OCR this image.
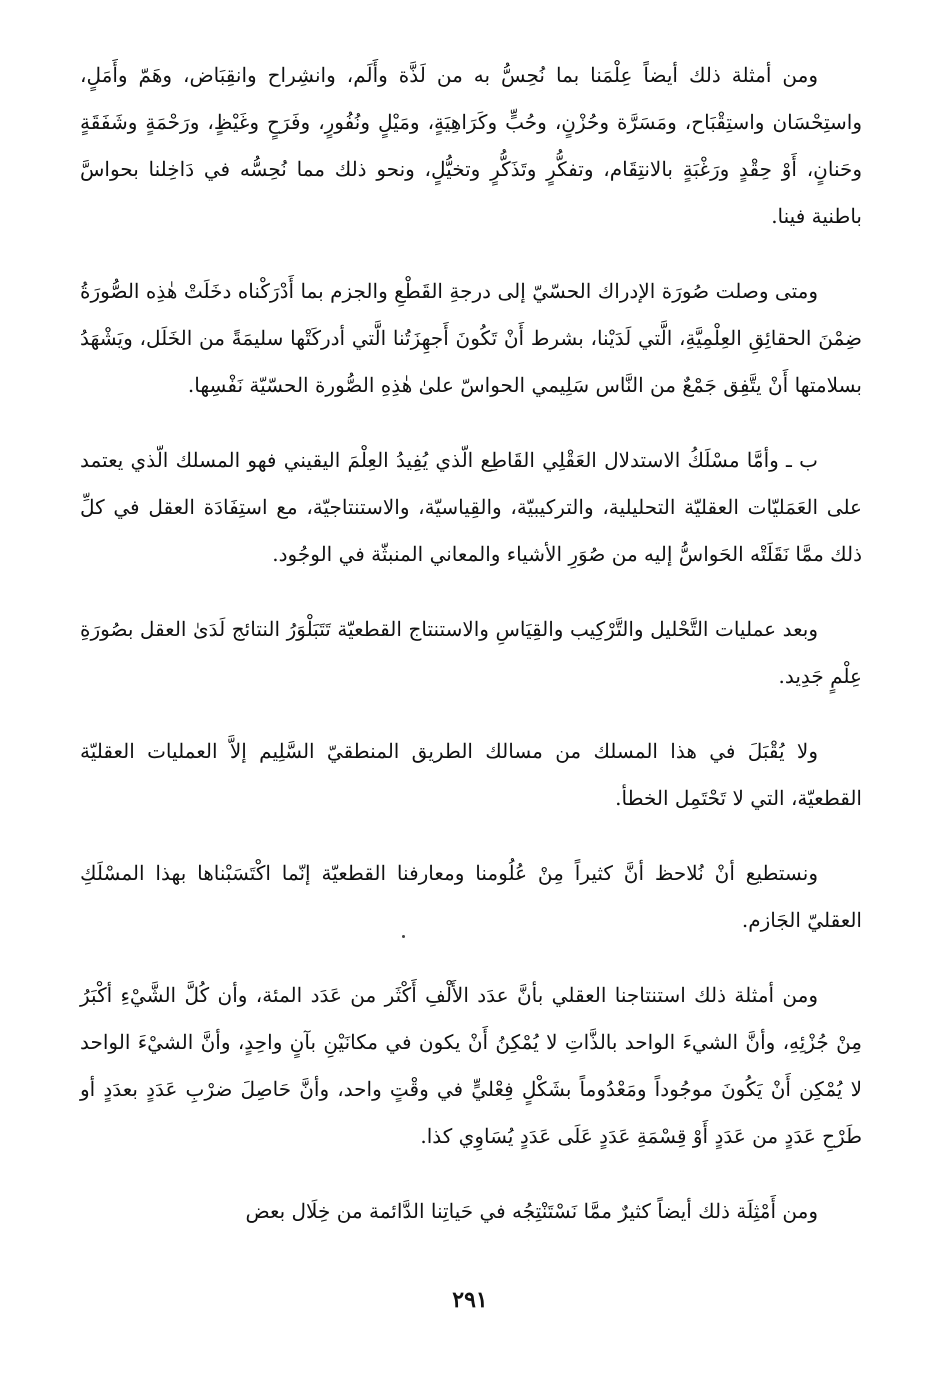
ومن أمثلة ذلك أيضاً عِلْمَنا بما نُحِسُّ به من لَذَّة وأَلَم، وانشِراح وانقِبَاض، وهَمّ وأَمَلٍ، واستِحْسَان واستِقْبَاح، ومَسَرَّة وحُزْنٍ، وحُبٍّ وكَرَاهِيَةٍ، ومَيْلٍ ونُفُورٍ، وفَرَحٍ وغَيْظٍ، ورَحْمَةٍ وشَفَقَةٍ وحَنانٍ، أَوْ حِقْدٍ ورَغْبَةٍ بالانتِقَام، وتفكُّرٍ وتَذَكُّرٍ وتخيُّلٍ، ونحو ذلك مما نُحِسُّه في دَاخِلنا بحواسَّ باطنية فينا.

ومتى وصلت صُورَة الإدراك الحسّيّ إلى درجةِ القَطْعِ والجزم بما أَدْرَكْناه دخَلَتْ هٰذِه الصُّورَةُ ضِمْنَ الحقائِقِ العِلْمِيَّةِ، الَّتي لَدَيْنا، بشرط أَنْ تَكُونَ أَجهِزَتُنا الَّتي أدركَتْها سليمَةً من الخَلَل، ويَشْهَدُ بسلامتها أَنْ يتَّفِق جَمْعٌ من النَّاس سَلِيمي الحواسّ علىٰ هٰذِهِ الصُّورة الحسّيّة نَفْسِها.

ب ـ وأمَّا مسْلَكُ الاستدلال العَقْلِي القَاطِع الّذي يُفِيدُ العِلْمَ اليقيني فهو المسلك الّذي يعتمد على العَمَليّات العقليّة التحليلية، والتركيبيّة، والقِياسيّة، والاستنتاجيّة، مع استِفَادَة العقل في كلِّ ذلك ممَّا نَقَلَتْه الحَواسُّ إليه من صُوَرِ الأشياء والمعاني المنبثّة في الوجُود.

وبعد عمليات التَّحْليل والتَّرْكِيب والقِيَاسِ والاستنتاج القطعيّة تَتَبَلْوَرُ النتائج لَدَىٰ العقل بصُورَةِ عِلْمٍ جَدِيد.

ولا يُقْبَلَ في هذا المسلك من مسالك الطريق المنطقيّ السَّلِيم إلاَّ العمليات العقليّة القطعيّة، التي لا تَحْتَمِل الخطأ.

ونستطيع أنْ نُلاحظ أنَّ كثيراً مِنْ عُلُومنا ومعارفنا القطعيّة إنّما اكْتَسَبْناها بهذا المسْلَكِ العقليّ الجَازم.

ومن أمثلة ذلك استنتاجنا العقلي بأنَّ عدَد الأَلْفِ أَكْثَر من عَدَد المئة، وأن كُلَّ الشَّيْءِ أكْبَرُ مِنْ جُزْئِهِ، وأنَّ الشيءَ الواحد بالذَّاتِ لا يُمْكِنُ أَنْ يكون في مكانَيْنِ بآنٍ واحِدٍ، وأنَّ الشيْءَ الواحد لا يُمْكِن أَنْ يَكُونَ موجُوداً ومَعْدُوماً بشَكْلٍ فِعْليٍّ في وقْتٍ واحد، وأنَّ حَاصِلَ ضرْبِ عَدَدٍ بعدَدٍ أو طَرْحِ عَدَدٍ من عَدَدٍ أَوْ قِسْمَةِ عَدَدٍ عَلَى عَدَدٍ يُسَاوِي كذا.

ومن أَمْثِلَة ذلك أيضاً كثيرٌ ممَّا نَسْتَنْتِجُه في حَياتِنا الدَّائمة من خِلَال بعض

٢٩١
